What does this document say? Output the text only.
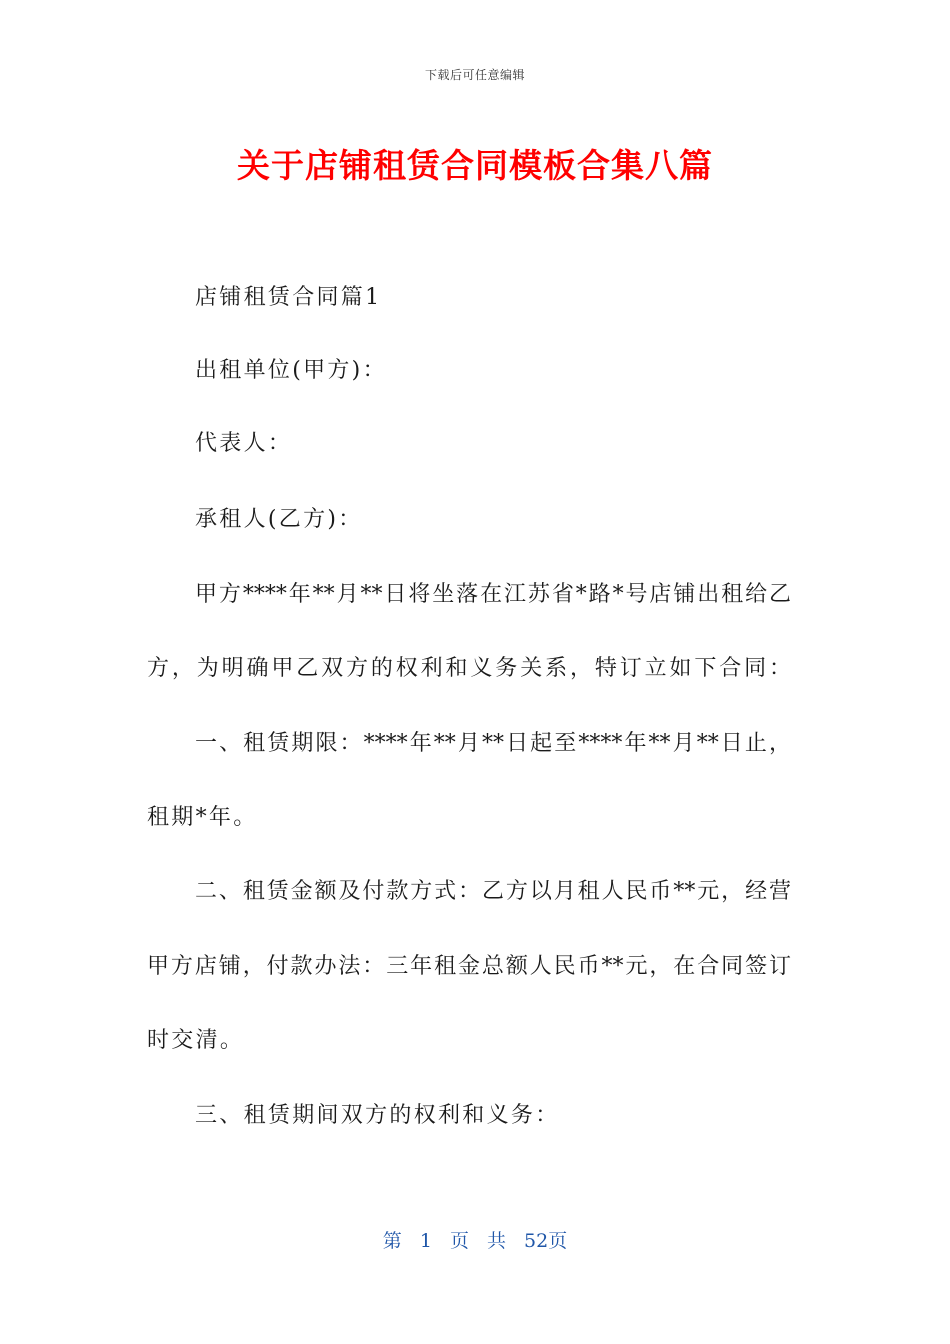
下载后可任意编辑
关于店铺租赁合同模板合集八篇
店铺租赁合同篇1
出租单位(甲方)：
代表人：
承租人(乙方)：
甲方****年**月**日将坐落在江苏省*路*号店铺出租给乙
方，为明确甲乙双方的权利和义务关系，特订立如下合同：
一、租赁期限：****年**月**日起至****年**月**日止，
租期*年。
二、租赁金额及付款方式：乙方以月租人民币**元，经营
甲方店铺，付款办法：三年租金总额人民币**元，在合同签订
时交清。
三、租赁期间双方的权利和义务：
第 1 页 共 52页
